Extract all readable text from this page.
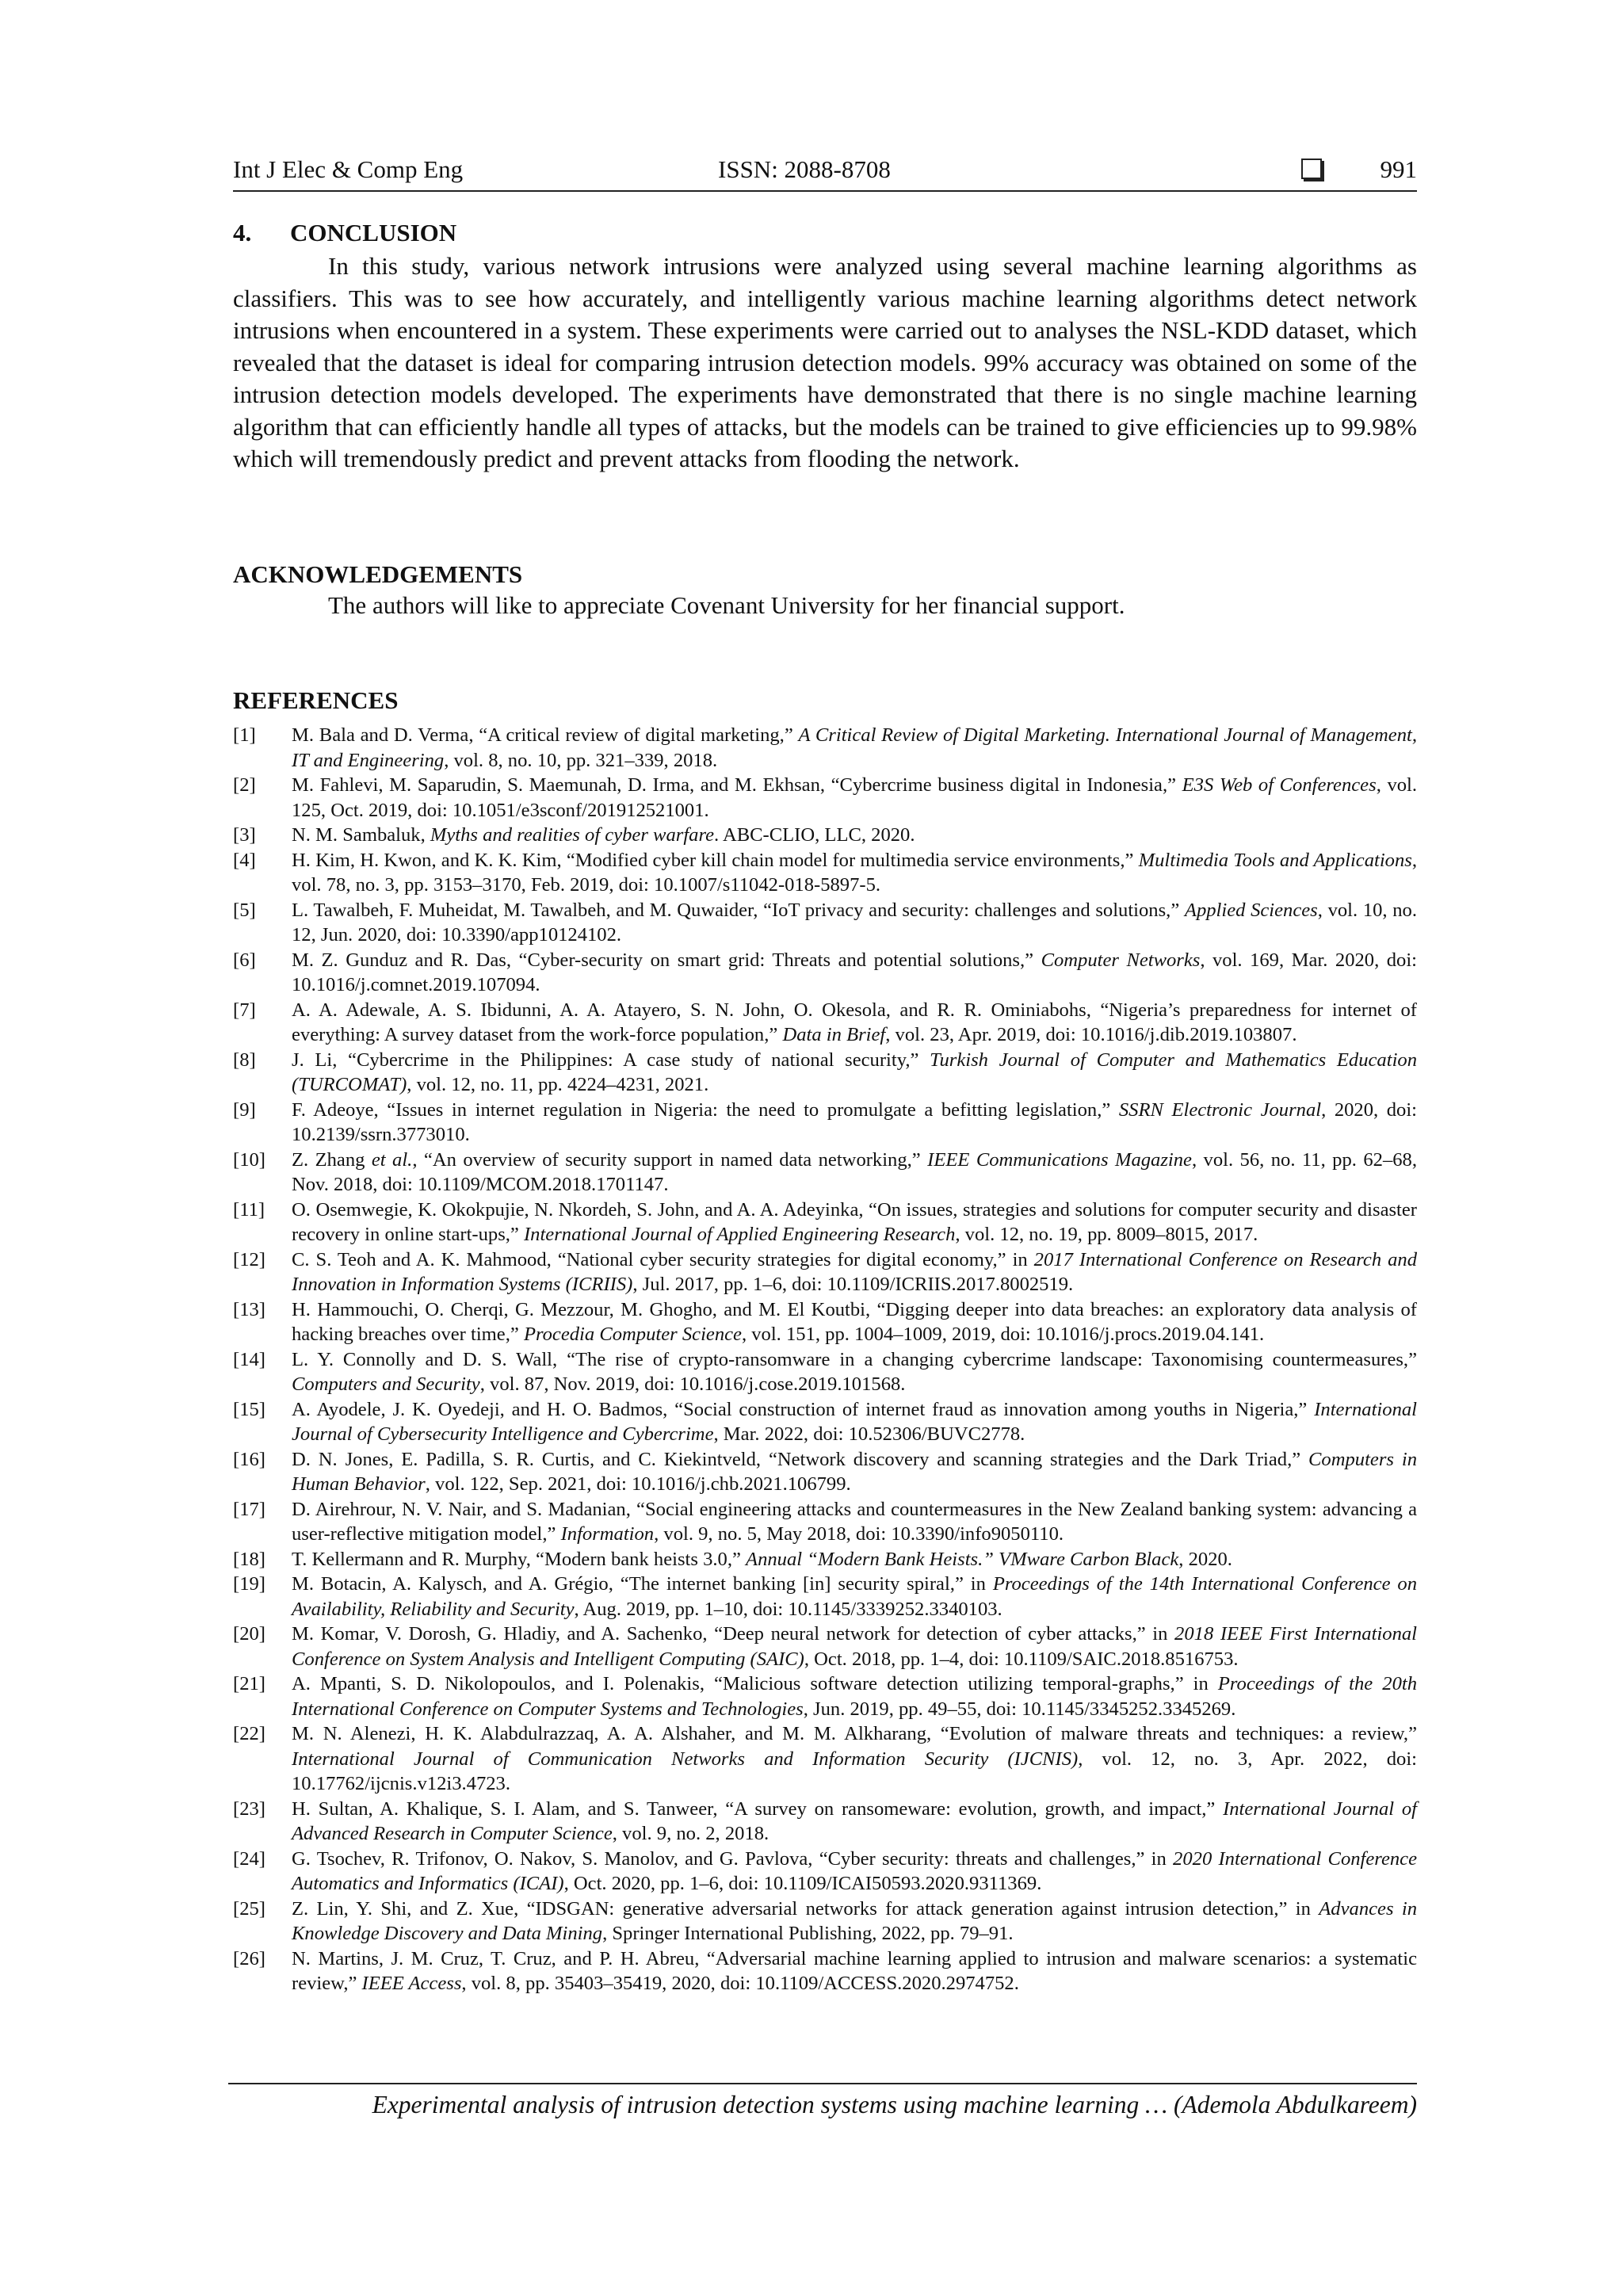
Int J Elec & Comp Eng	ISSN: 2088-8708	991
4. CONCLUSION

In this study, various network intrusions were analyzed using several machine learning algorithms as classifiers. This was to see how accurately, and intelligently various machine learning algorithms detect network intrusions when encountered in a system. These experiments were carried out to analyses the NSL-KDD dataset, which revealed that the dataset is ideal for comparing intrusion detection models. 99% accuracy was obtained on some of the intrusion detection models developed. The experiments have demonstrated that there is no single machine learning algorithm that can efficiently handle all types of attacks, but the models can be trained to give efficiencies up to 99.98% which will tremendously predict and prevent attacks from flooding the network.

ACKNOWLEDGEMENTS
The authors will like to appreciate Covenant University for her financial support.
REFERENCES
[1]	M. Bala and D. Verma, “A critical review of digital marketing,” A Critical Review of Digital Marketing. International Journal of Management, IT and Engineering, vol. 8, no. 10, pp. 321–339, 2018.
[2]	M. Fahlevi, M. Saparudin, S. Maemunah, D. Irma, and M. Ekhsan, “Cybercrime business digital in Indonesia,” E3S Web of Conferences, vol. 125, Oct. 2019, doi: 10.1051/e3sconf/201912521001.
[3]	N. M. Sambaluk, Myths and realities of cyber warfare. ABC-CLIO, LLC, 2020.
[4]	H. Kim, H. Kwon, and K. K. Kim, “Modified cyber kill chain model for multimedia service environments,” Multimedia Tools and Applications, vol. 78, no. 3, pp. 3153–3170, Feb. 2019, doi: 10.1007/s11042-018-5897-5.
[5]	L. Tawalbeh, F. Muheidat, M. Tawalbeh, and M. Quwaider, “IoT privacy and security: challenges and solutions,” Applied Sciences, vol. 10, no. 12, Jun. 2020, doi: 10.3390/app10124102.
[6]	M. Z. Gunduz and R. Das, “Cyber-security on smart grid: Threats and potential solutions,” Computer Networks, vol. 169, Mar. 2020, doi: 10.1016/j.comnet.2019.107094.
[7]	A. A. Adewale, A. S. Ibidunni, A. A. Atayero, S. N. John, O. Okesola, and R. R. Ominiabohs, “Nigeria’s preparedness for internet of everything: A survey dataset from the work-force population,” Data in Brief, vol. 23, Apr. 2019, doi: 10.1016/j.dib.2019.103807.
[8]	J. Li, “Cybercrime in the Philippines: A case study of national security,” Turkish Journal of Computer and Mathematics Education (TURCOMAT), vol. 12, no. 11, pp. 4224–4231, 2021.
[9]	F. Adeoye, “Issues in internet regulation in Nigeria: the need to promulgate a befitting legislation,” SSRN Electronic Journal, 2020, doi: 10.2139/ssrn.3773010.
[10]	Z. Zhang et al., “An overview of security support in named data networking,” IEEE Communications Magazine, vol. 56, no. 11, pp. 62–68, Nov. 2018, doi: 10.1109/MCOM.2018.1701147.
[11]	O. Osemwegie, K. Okokpujie, N. Nkordeh, S. John, and A. A. Adeyinka, “On issues, strategies and solutions for computer security and disaster recovery in online start-ups,” International Journal of Applied Engineering Research, vol. 12, no. 19, pp. 8009–8015, 2017.
[12]	C. S. Teoh and A. K. Mahmood, “National cyber security strategies for digital economy,” in 2017 International Conference on Research and Innovation in Information Systems (ICRIIS), Jul. 2017, pp. 1–6, doi: 10.1109/ICRIIS.2017.8002519.
[13]	H. Hammouchi, O. Cherqi, G. Mezzour, M. Ghogho, and M. El Koutbi, “Digging deeper into data breaches: an exploratory data analysis of hacking breaches over time,” Procedia Computer Science, vol. 151, pp. 1004–1009, 2019, doi: 10.1016/j.procs.2019.04.141.
[14]	L. Y. Connolly and D. S. Wall, “The rise of crypto-ransomware in a changing cybercrime landscape: Taxonomising countermeasures,” Computers and Security, vol. 87, Nov. 2019, doi: 10.1016/j.cose.2019.101568.
[15]	A. Ayodele, J. K. Oyedeji, and H. O. Badmos, “Social construction of internet fraud as innovation among youths in Nigeria,” International Journal of Cybersecurity Intelligence and Cybercrime, Mar. 2022, doi: 10.52306/BUVC2778.
[16]	D. N. Jones, E. Padilla, S. R. Curtis, and C. Kiekintveld, “Network discovery and scanning strategies and the Dark Triad,” Computers in Human Behavior, vol. 122, Sep. 2021, doi: 10.1016/j.chb.2021.106799.
[17]	D. Airehrour, N. V. Nair, and S. Madanian, “Social engineering attacks and countermeasures in the New Zealand banking system: advancing a user-reflective mitigation model,” Information, vol. 9, no. 5, May 2018, doi: 10.3390/info9050110.
[18]	T. Kellermann and R. Murphy, “Modern bank heists 3.0,” Annual “Modern Bank Heists.” VMware Carbon Black, 2020.
[19]	M. Botacin, A. Kalysch, and A. Grégio, “The internet banking [in] security spiral,” in Proceedings of the 14th International Conference on Availability, Reliability and Security, Aug. 2019, pp. 1–10, doi: 10.1145/3339252.3340103.
[20]	M. Komar, V. Dorosh, G. Hladiy, and A. Sachenko, “Deep neural network for detection of cyber attacks,” in 2018 IEEE First International Conference on System Analysis and Intelligent Computing (SAIC), Oct. 2018, pp. 1–4, doi: 10.1109/SAIC.2018.8516753.
[21]	A. Mpanti, S. D. Nikolopoulos, and I. Polenakis, “Malicious software detection utilizing temporal-graphs,” in Proceedings of the 20th International Conference on Computer Systems and Technologies, Jun. 2019, pp. 49–55, doi: 10.1145/3345252.3345269.
[22]	M. N. Alenezi, H. K. Alabdulrazzaq, A. A. Alshaher, and M. M. Alkharang, “Evolution of malware threats and techniques: a review,” International Journal of Communication Networks and Information Security (IJCNIS), vol. 12, no. 3, Apr. 2022, doi: 10.17762/ijcnis.v12i3.4723.
[23]	H. Sultan, A. Khalique, S. I. Alam, and S. Tanweer, “A survey on ransomeware: evolution, growth, and impact,” International Journal of Advanced Research in Computer Science, vol. 9, no. 2, 2018.
[24]	G. Tsochev, R. Trifonov, O. Nakov, S. Manolov, and G. Pavlova, “Cyber security: threats and challenges,” in 2020 International Conference Automatics and Informatics (ICAI), Oct. 2020, pp. 1–6, doi: 10.1109/ICAI50593.2020.9311369.
[25]	Z. Lin, Y. Shi, and Z. Xue, “IDSGAN: generative adversarial networks for attack generation against intrusion detection,” in Advances in Knowledge Discovery and Data Mining, Springer International Publishing, 2022, pp. 79–91.
[26]	N. Martins, J. M. Cruz, T. Cruz, and P. H. Abreu, “Adversarial machine learning applied to intrusion and malware scenarios: a systematic review,” IEEE Access, vol. 8, pp. 35403–35419, 2020, doi: 10.1109/ACCESS.2020.2974752.
Experimental analysis of intrusion detection systems using machine learning … (Ademola Abdulkareem)
